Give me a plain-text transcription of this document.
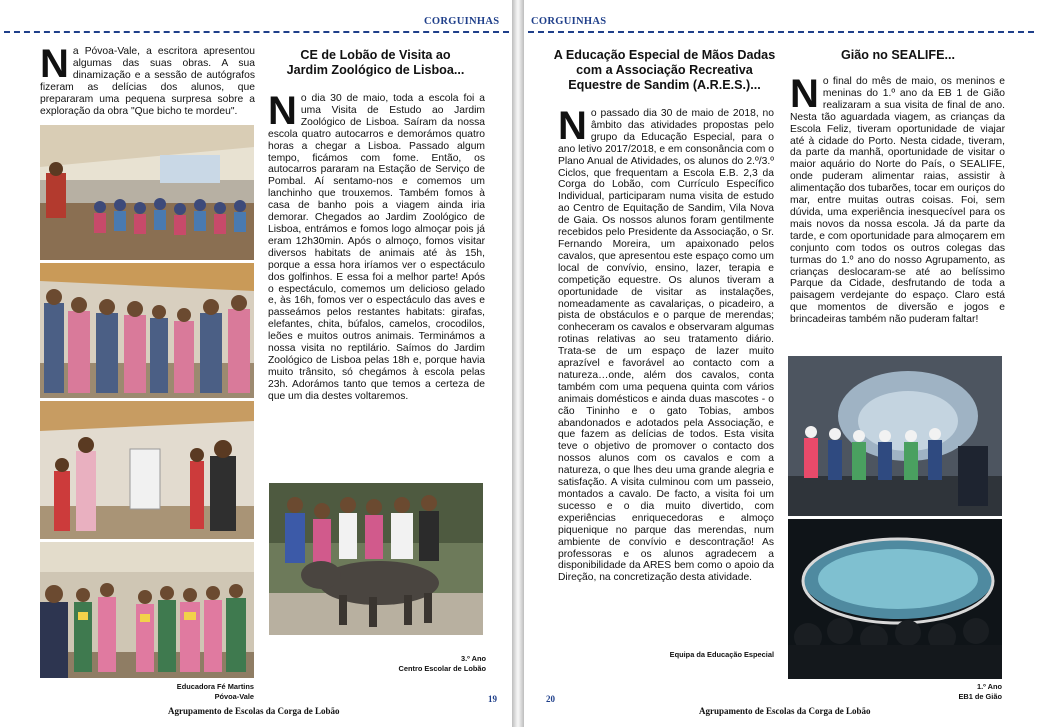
CORGUINHAS

Na Póvoa-Vale, a escritora apresentou algumas das suas obras. A sua dinamização e a sessão de autógrafos fizeram as delícias dos alunos, que prepararam uma pequena surpresa sobre a exploração da obra "Que bicho te mordeu".

Educadora Fé Martins
Póvoa-Vale

CE de Lobão de Visita ao

Jardim Zoológico de Lisboa...

No dia 30 de maio, toda a escola foi a uma Visita de Estudo ao Jardim Zoológico de Lisboa. Saíram da nossa escola quatro autocarros e demorámos quatro horas a chegar a Lisboa. Passado algum tempo, ficámos com fome. Então, os autocarros pararam na Estação de Serviço de Pombal. Aí sentamo-nos e comemos um lanchinho que trouxemos. Também fomos à casa de banho pois a viagem ainda iria demorar. Chegados ao Jardim Zoológico de Lisboa, entrámos e fomos logo almoçar pois já eram 12h30min. Após o almoço, fomos visitar diversos habitats de animais até às 15h, porque a essa hora iríamos ver o espectáculo dos golfinhos. E essa foi a melhor parte! Após o espectáculo, comemos um delicioso gelado e, às 16h, fomos ver o espectáculo das aves e passeámos pelos restantes habitats: girafas, elefantes, chita, búfalos, camelos, crocodilos, leões e muitos outros animais. Terminámos a nossa visita no reptilário. Saímos do Jardim Zoológico de Lisboa pelas 18h e, porque havia muito trânsito, só chegámos à escola pelas 23h. Adorámos tanto que temos a certeza de que um dia destes voltaremos.

3.º Ano
Centro Escolar de Lobão
19
Agrupamento de Escolas da Corga de Lobão
CORGUINHAS

A Educação Especial de Mãos Dadas

com a Associação Recreativa

Equestre de Sandim (A.R.E.S.)...

No passado dia 30 de maio de 2018, no âmbito das atividades propostas pelo grupo da Educação Especial, para o ano letivo 2017/2018, e em consonância com o Plano Anual de Atividades, os alunos do 2.º/3.º Ciclos, que frequentam a Escola E.B. 2,3 da Corga do Lobão, com Currículo Específico Individual, participaram numa visita de estudo ao Centro de Equitação de Sandim, Vila Nova de Gaia. Os nossos alunos foram gentilmente recebidos pelo Presidente da Associação, o Sr. Fernando Moreira, um apaixonado pelos cavalos, que apresentou este espaço como um local de convívio, ensino, lazer, terapia e competição equestre. Os alunos tiveram a oportunidade de visitar as instalações, nomeadamente as cavalariças, o picadeiro, a pista de obstáculos e o parque de merendas; conheceram os cavalos e observaram algumas rotinas relativas ao seu tratamento diário. Trata-se de um espaço de lazer muito aprazível e favorável ao contacto com a natureza…onde, além dos cavalos, conta também com uma pequena quinta com vários animais domésticos e ainda duas mascotes - o cão Tininho e o gato Tobias, ambos abandonados e adotados pela Associação, e que fazem as delícias de todos. Esta visita teve o objetivo de promover o contacto dos nossos alunos com os cavalos e com a natureza, o que lhes deu uma grande alegria e satisfação. A visita culminou com um passeio, montados a cavalo. De facto, a visita foi um sucesso e o dia muito divertido, com experiências enriquecedoras e almoço piquenique no parque das merendas, num ambiente de convívio e descontração! As professoras e os alunos agradecem a disponibilidade da ARES bem como o apoio da Direção, na concretização desta atividade.

Equipa da Educação Especial

Gião no SEALIFE...

No final do mês de maio, os meninos e meninas do 1.º ano da EB 1 de Gião realizaram a sua visita de final de ano. Nesta tão aguardada viagem, as crianças da Escola Feliz, tiveram oportunidade de viajar até à cidade do Porto. Nesta cidade, tiveram, da parte da manhã, oportunidade de visitar o maior aquário do Norte do País, o SEALIFE, onde puderam alimentar raias, assistir à alimentação dos tubarões, tocar em ouriços do mar, entre muitas outras coisas. Foi, sem dúvida, uma experiência inesquecível para os mais novos da nossa escola. Já da parte da tarde, e com oportunidade para almoçarem em conjunto com todos os outros colegas das turmas do 1.º ano do nosso Agrupamento, as crianças deslocaram-se até ao belíssimo Parque da Cidade, desfrutando de toda a paisagem verdejante do espaço. Claro está que momentos de diversão e jogos e brincadeiras também não puderam faltar!

1.º Ano
EB1 de Gião
20
Agrupamento de Escolas da Corga de Lobão
